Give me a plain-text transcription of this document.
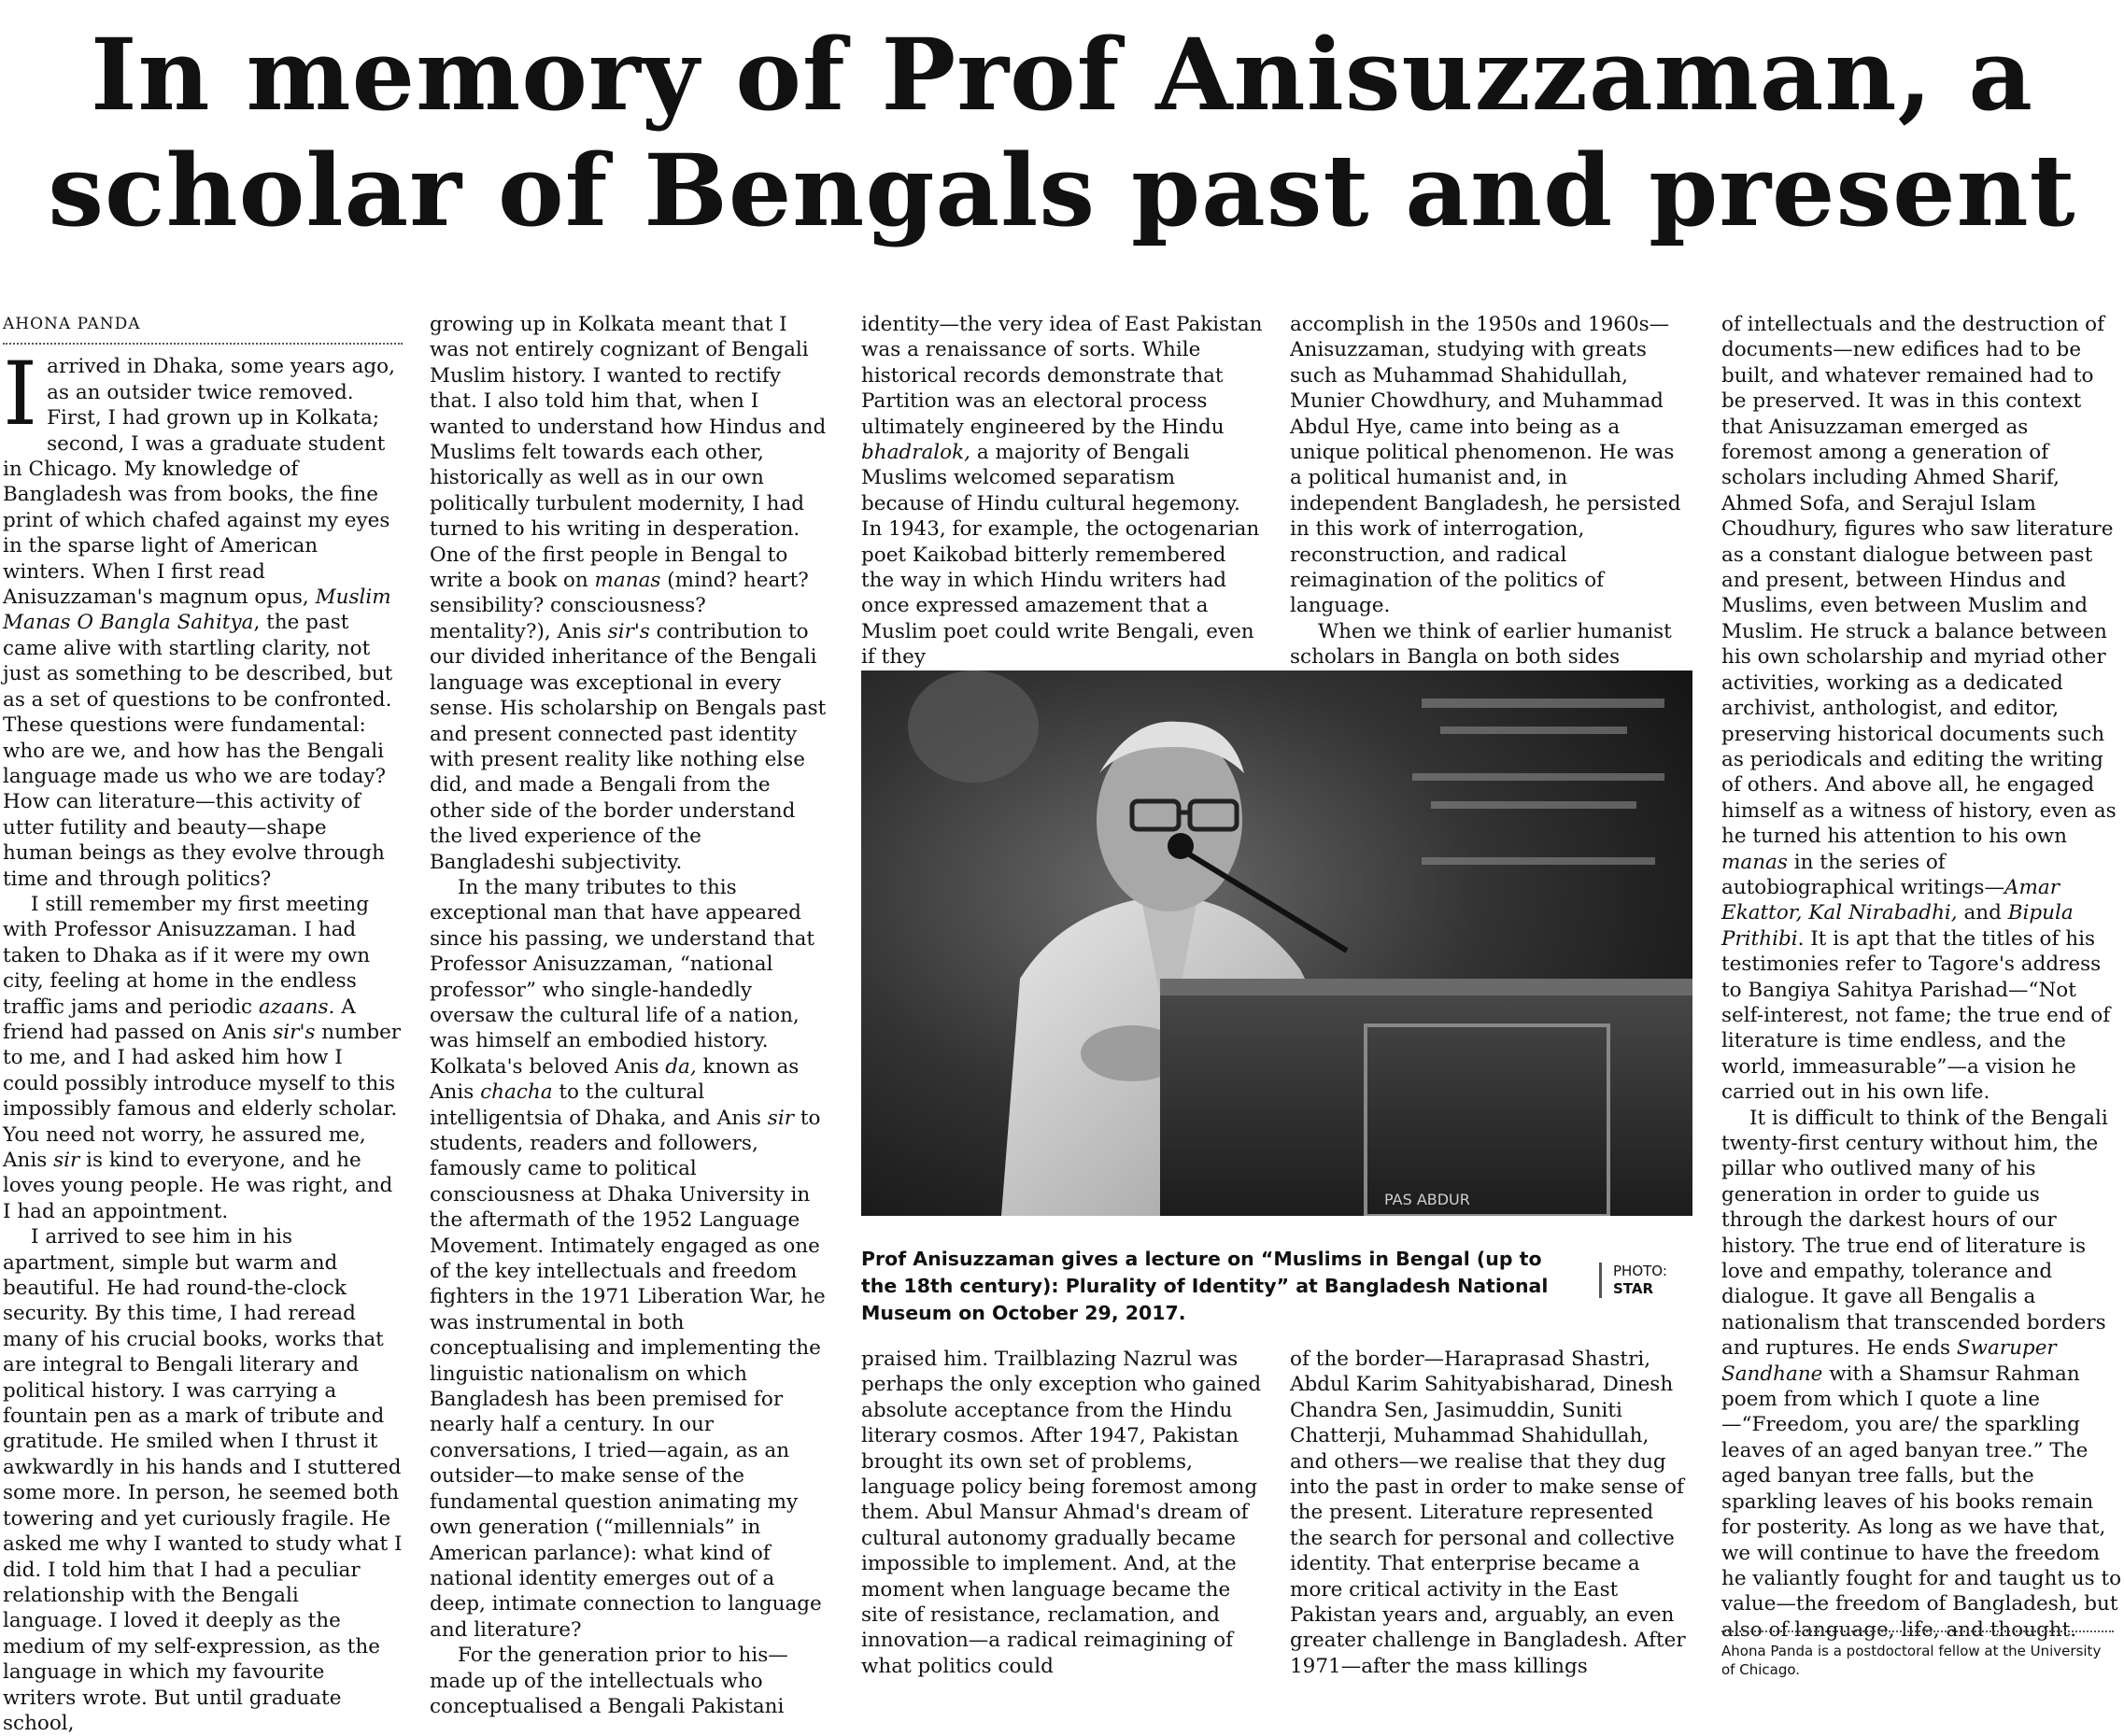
In memory of Prof Anisuzzaman, a scholar of Bengals past and present
AHONA PANDA

Iarrived in Dhaka, some years ago, as an outsider twice removed. First, I had grown up in Kolkata; second, I was a graduate student in Chicago. My knowledge of Bangladesh was from books, the fine print of which chafed against my eyes in the sparse light of American winters. When I first read Anisuzzaman's magnum opus, Muslim Manas O Bangla Sahitya, the past came alive with startling clarity, not just as something to be described, but as a set of questions to be confronted. These questions were fundamental: who are we, and how has the Bengali language made us who we are today? How can literature—this activity of utter futility and beauty—shape human beings as they evolve through time and through politics?

I still remember my first meeting with Professor Anisuzzaman. I had taken to Dhaka as if it were my own city, feeling at home in the endless traffic jams and periodic azaans. A friend had passed on Anis sir's number to me, and I had asked him how I could possibly introduce myself to this impossibly famous and elderly scholar. You need not worry, he assured me, Anis sir is kind to everyone, and he loves young people. He was right, and I had an appointment.

I arrived to see him in his apartment, simple but warm and beautiful. He had round-the-clock security. By this time, I had reread many of his crucial books, works that are integral to Bengali literary and political history. I was carrying a fountain pen as a mark of tribute and gratitude. He smiled when I thrust it awkwardly in his hands and I stuttered some more. In person, he seemed both towering and yet curiously fragile. He asked me why I wanted to study what I did. I told him that I had a peculiar relationship with the Bengali language. I loved it deeply as the medium of my self-expression, as the language in which my favourite writers wrote. But until graduate school,

growing up in Kolkata meant that I was not entirely cognizant of Bengali Muslim history. I wanted to rectify that. I also told him that, when I wanted to understand how Hindus and Muslims felt towards each other, historically as well as in our own politically turbulent modernity, I had turned to his writing in desperation. One of the first people in Bengal to write a book on manas (mind? heart? sensibility? consciousness? mentality?), Anis sir's contribution to our divided inheritance of the Bengali language was exceptional in every sense. His scholarship on Bengals past and present connected past identity with present reality like nothing else did, and made a Bengali from the other side of the border understand the lived experience of the Bangladeshi subjectivity.

In the many tributes to this exceptional man that have appeared since his passing, we understand that Professor Anisuzzaman, “national professor” who single-handedly oversaw the cultural life of a nation, was himself an embodied history. Kolkata's beloved Anis da, known as Anis chacha to the cultural intelligentsia of Dhaka, and Anis sir to students, readers and followers, famously came to political consciousness at Dhaka University in the aftermath of the 1952 Language Movement. Intimately engaged as one of the key intellectuals and freedom fighters in the 1971 Liberation War, he was instrumental in both conceptualising and implementing the linguistic nationalism on which Bangladesh has been premised for nearly half a century. In our conversations, I tried—again, as an outsider—to make sense of the fundamental question animating my own generation (“millennials” in American parlance): what kind of national identity emerges out of a deep, intimate connection to language and literature?

For the generation prior to his—made up of the intellectuals who conceptualised a Bengali Pakistani

identity—the very idea of East Pakistan was a renaissance of sorts. While historical records demonstrate that Partition was an electoral process ultimately engineered by the Hindu bhadralok, a majority of Bengali Muslims welcomed separatism because of Hindu cultural hegemony. In 1943, for example, the octogenarian poet Kaikobad bitterly remembered the way in which Hindu writers had once expressed amazement that a Muslim poet could write Bengali, even if they

accomplish in the 1950s and 1960s—Anisuzzaman, studying with greats such as Muhammad Shahidullah, Munier Chowdhury, and Muhammad Abdul Hye, came into being as a unique political phenomenon. He was a political humanist and, in independent Bangladesh, he persisted in this work of interrogation, reconstruction, and radical reimagination of the politics of language.

When we think of earlier humanist scholars in Bangla on both sides

PAS ABDUR
Prof Anisuzzaman gives a lecture on “Muslims in Bengal (up to the 18th century): Plurality of Identity” at Bangladesh National Museum on October 29, 2017.
PHOTO:
STAR

praised him. Trailblazing Nazrul was perhaps the only exception who gained absolute acceptance from the Hindu literary cosmos. After 1947, Pakistan brought its own set of problems, language policy being foremost among them. Abul Mansur Ahmad's dream of cultural autonomy gradually became impossible to implement. And, at the moment when language became the site of resistance, reclamation, and innovation—a radical reimagining of what politics could

of the border—Haraprasad Shastri, Abdul Karim Sahityabisharad, Dinesh Chandra Sen, Jasimuddin, Suniti Chatterji, Muhammad Shahidullah, and others—we realise that they dug into the past in order to make sense of the present. Literature represented the search for personal and collective identity. That enterprise became a more critical activity in the East Pakistan years and, arguably, an even greater challenge in Bangladesh. After 1971—after the mass killings

of intellectuals and the destruction of documents—new edifices had to be built, and whatever remained had to be preserved. It was in this context that Anisuzzaman emerged as foremost among a generation of scholars including Ahmed Sharif, Ahmed Sofa, and Serajul Islam Choudhury, figures who saw literature as a constant dialogue between past and present, between Hindus and Muslims, even between Muslim and Muslim. He struck a balance between his own scholarship and myriad other activities, working as a dedicated archivist, anthologist, and editor, preserving historical documents such as periodicals and editing the writing of others. And above all, he engaged himself as a witness of history, even as he turned his attention to his own manas in the series of autobiographical writings—Amar Ekattor, Kal Nirabadhi, and Bipula Prithibi. It is apt that the titles of his testimonies refer to Tagore's address to Bangiya Sahitya Parishad—“Not self-interest, not fame; the true end of literature is time endless, and the world, immeasurable”—a vision he carried out in his own life.

It is difficult to think of the Bengali twenty-first century without him, the pillar who outlived many of his generation in order to guide us through the darkest hours of our history. The true end of literature is love and empathy, tolerance and dialogue. It gave all Bengalis a nationalism that transcended borders and ruptures. He ends Swaruper Sandhane with a Shamsur Rahman poem from which I quote a line—“Freedom, you are/ the sparkling leaves of an aged banyan tree.” The aged banyan tree falls, but the sparkling leaves of his books remain for posterity. As long as we have that, we will continue to have the freedom he valiantly fought for and taught us to value—the freedom of Bangladesh, but also of language, life, and thought.

Ahona Panda is a postdoctoral fellow at the University of Chicago.
